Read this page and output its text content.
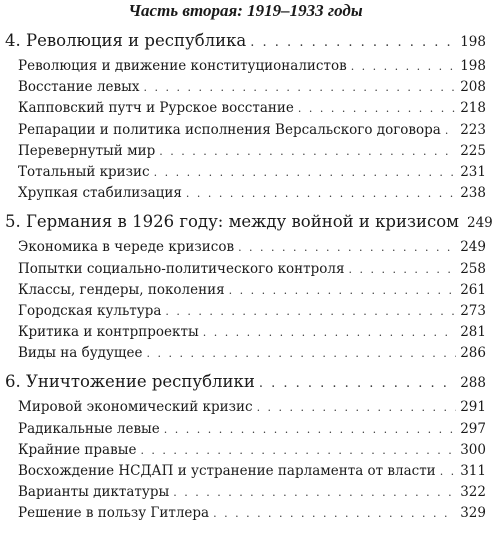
Часть вторая: 1919–1933 годы
4. Революция и республика . . .	198
Революция и движение конституционалистов . . .	198
Восстание левых . . .	208
Капповский путч и Рурское восстание . . .	218
Репарации и политика исполнения Версальского договора . . . 223
Перевернутый мир . . .	225
Тотальный кризис . . .	231
Хрупкая стабилизация . . .	238
5. Германия в 1926 году: между войной и кризисом 249
Экономика в череде кризисов . . .	249
Попытки социально-политического контроля . . .	258
Классы, гендеры, поколения . . .	261
Городская культура . . .	273
Критика и контрпроекты . . .	281
Виды на будущее . . .	286
6. Уничтожение республики . . .	288
Мировой экономический кризис . . .	291
Радикальные левые . . .	297
Крайние правые . . .	300
Восхождение НСДАП и устранение парламента от власти . . . 311
Варианты диктатуры . . .	322
Решение в пользу Гитлера . . .	329
